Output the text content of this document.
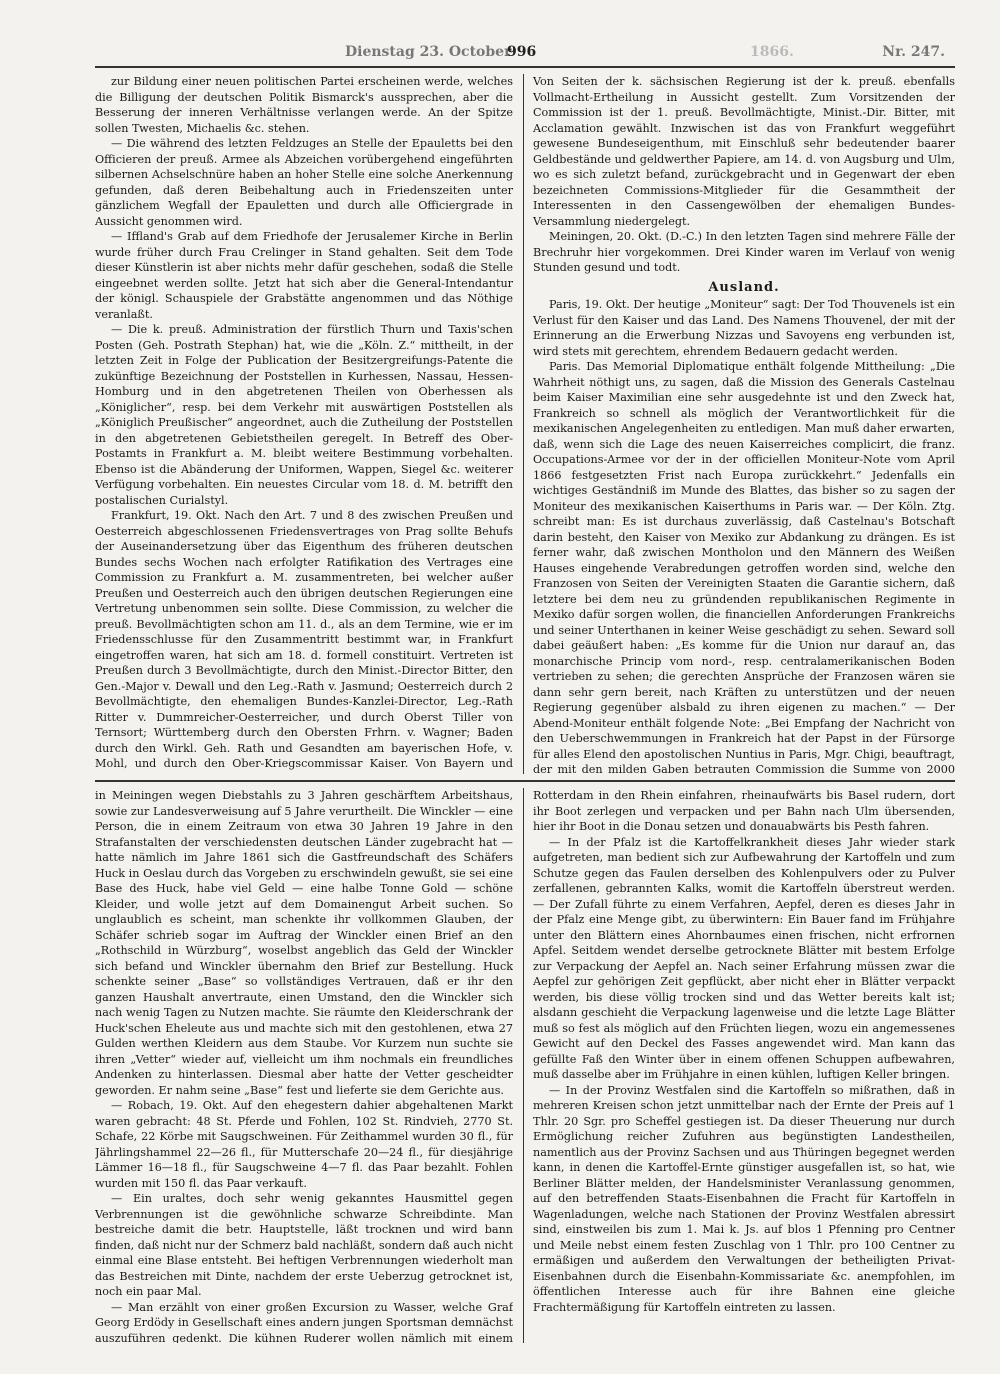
Dienstag 23. October
996	1866.	Nr. 247.

zur Bildung einer neuen politischen Partei erscheinen werde, welches die Billigung der deutschen Politik Bismarck's aussprechen, aber die Besserung der inneren Verhältnisse verlangen werde. An der Spitze sollen Twesten, Michaelis &c. stehen.

— Die während des letzten Feldzuges an Stelle der Epauletts bei den Officieren der preuß. Armee als Abzeichen vorübergehend eingeführten silbernen Achselschnüre haben an hoher Stelle eine solche Anerkennung gefunden, daß deren Beibehaltung auch in Friedenszeiten unter gänzlichem Wegfall der Epauletten und durch alle Officiergrade in Aussicht genommen wird.

— Iffland's Grab auf dem Friedhofe der Jerusalemer Kirche in Berlin wurde früher durch Frau Crelinger in Stand gehalten. Seit dem Tode dieser Künstlerin ist aber nichts mehr dafür geschehen, sodaß die Stelle eingeebnet werden sollte. Jetzt hat sich aber die General-Intendantur der königl. Schauspiele der Grabstätte angenommen und das Nöthige veranlaßt.

— Die k. preuß. Administration der fürstlich Thurn und Taxis'schen Posten (Geh. Postrath Stephan) hat, wie die „Köln. Z.“ mittheilt, in der letzten Zeit in Folge der Publication der Besitzergreifungs-Patente die zukünftige Bezeichnung der Poststellen in Kurhessen, Nassau, Hessen-Homburg und in den abgetretenen Theilen von Oberhessen als „Königlicher“, resp. bei dem Verkehr mit auswärtigen Poststellen als „Königlich Preußischer“ angeordnet, auch die Zutheilung der Poststellen in den abgetretenen Gebietstheilen geregelt. In Betreff des Ober-Postamts in Frankfurt a. M. bleibt weitere Bestimmung vorbehalten. Ebenso ist die Abänderung der Uniformen, Wappen, Siegel &c. weiterer Verfügung vorbehalten. Ein neuestes Circular vom 18. d. M. betrifft den postalischen Curialstyl.

Frankfurt, 19. Okt. Nach den Art. 7 und 8 des zwischen Preußen und Oesterreich abgeschlossenen Friedensvertrages von Prag sollte Behufs der Auseinandersetzung über das Eigenthum des früheren deutschen Bundes sechs Wochen nach erfolgter Ratifikation des Vertrages eine Commission zu Frankfurt a. M. zusammentreten, bei welcher außer Preußen und Oesterreich auch den übrigen deutschen Regierungen eine Vertretung unbenommen sein sollte. Diese Commission, zu welcher die preuß. Bevollmächtigten schon am 11. d., als an dem Termine, wie er im Friedensschlusse für den Zusammentritt bestimmt war, in Frankfurt eingetroffen waren, hat sich am 18. d. formell constituirt. Vertreten ist Preußen durch 3 Bevollmächtigte, durch den Minist.-Director Bitter, den Gen.-Major v. Dewall und den Leg.-Rath v. Jasmund; Oesterreich durch 2 Bevollmächtigte, den ehemaligen Bundes-Kanzlei-Director, Leg.-Rath Ritter v. Dummreicher-Oesterreicher, und durch Oberst Tiller von Ternsort; Württemberg durch den Obersten Frhrn. v. Wagner; Baden durch den Wirkl. Geh. Rath und Gesandten am bayerischen Hofe, v. Mohl, und durch den Ober-Kriegscommissar Kaiser. Von Bayern und

Von Seiten der k. sächsischen Regierung ist der k. preuß. ebenfalls Vollmacht-Ertheilung in Aussicht gestellt. Zum Vorsitzenden der Commission ist der 1. preuß. Bevollmächtigte, Minist.-Dir. Bitter, mit Acclamation gewählt. Inzwischen ist das von Frankfurt weggeführt gewesene Bundeseigenthum, mit Einschluß sehr bedeutender baarer Geldbestände und geldwerther Papiere, am 14. d. von Augsburg und Ulm, wo es sich zuletzt befand, zurückgebracht und in Gegenwart der eben bezeichneten Commissions-Mitglieder für die Gesammtheit der Interessenten in den Cassengewölben der ehemaligen Bundes-Versammlung niedergelegt.

Meiningen, 20. Okt. (D.-C.) In den letzten Tagen sind mehrere Fälle der Brechruhr hier vorgekommen. Drei Kinder waren im Verlauf von wenig Stunden gesund und todt.

Ausland.

Paris, 19. Okt. Der heutige „Moniteur“ sagt: Der Tod Thouvenels ist ein Verlust für den Kaiser und das Land. Des Namens Thouvenel, der mit der Erinnerung an die Erwerbung Nizzas und Savoyens eng verbunden ist, wird stets mit gerechtem, ehrendem Bedauern gedacht werden.

Paris. Das Memorial Diplomatique enthält folgende Mittheilung: „Die Wahrheit nöthigt uns, zu sagen, daß die Mission des Generals Castelnau beim Kaiser Maximilian eine sehr ausgedehnte ist und den Zweck hat, Frankreich so schnell als möglich der Verantwortlichkeit für die mexikanischen Angelegenheiten zu entledigen. Man muß daher erwarten, daß, wenn sich die Lage des neuen Kaiserreiches complicirt, die franz. Occupations-Armee vor der in der officiellen Moniteur-Note vom April 1866 festgesetzten Frist nach Europa zurückkehrt.“ Jedenfalls ein wichtiges Geständniß im Munde des Blattes, das bisher so zu sagen der Moniteur des mexikanischen Kaiserthums in Paris war. — Der Köln. Ztg. schreibt man: Es ist durchaus zuverlässig, daß Castelnau's Botschaft darin besteht, den Kaiser von Mexiko zur Abdankung zu drängen. Es ist ferner wahr, daß zwischen Montholon und den Männern des Weißen Hauses eingehende Verabredungen getroffen worden sind, welche den Franzosen von Seiten der Vereinigten Staaten die Garantie sichern, daß letztere bei dem neu zu gründenden republikanischen Regimente in Mexiko dafür sorgen wollen, die financiellen Anforderungen Frankreichs und seiner Unterthanen in keiner Weise geschädigt zu sehen. Seward soll dabei geäußert haben: „Es komme für die Union nur darauf an, das monarchische Princip vom nord-, resp. centralamerikanischen Boden vertrieben zu sehen; die gerechten Ansprüche der Franzosen wären sie dann sehr gern bereit, nach Kräften zu unterstützen und der neuen Regierung gegenüber alsbald zu ihren eigenen zu machen.“ — Der Abend-Moniteur enthält folgende Note: „Bei Empfang der Nachricht von den Ueberschwemmungen in Frankreich hat der Papst in der Fürsorge für alles Elend den apostolischen Nuntius in Paris, Mgr. Chigi, beauftragt, der mit den milden Gaben betrauten Commission die Summe von 2000

in Meiningen wegen Diebstahls zu 3 Jahren geschärftem Arbeitshaus, sowie zur Landesverweisung auf 5 Jahre verurtheilt. Die Winckler — eine Person, die in einem Zeitraum von etwa 30 Jahren 19 Jahre in den Strafanstalten der verschiedensten deutschen Länder zugebracht hat — hatte nämlich im Jahre 1861 sich die Gastfreundschaft des Schäfers Huck in Oeslau durch das Vorgeben zu erschwindeln gewußt, sie sei eine Base des Huck, habe viel Geld — eine halbe Tonne Gold — schöne Kleider, und wolle jetzt auf dem Domainengut Arbeit suchen. So unglaublich es scheint, man schenkte ihr vollkommen Glauben, der Schäfer schrieb sogar im Auftrag der Winckler einen Brief an den „Rothschild in Würzburg“, woselbst angeblich das Geld der Winckler sich befand und Winckler übernahm den Brief zur Bestellung. Huck schenkte seiner „Base“ so vollständiges Vertrauen, daß er ihr den ganzen Haushalt anvertraute, einen Umstand, den die Winckler sich nach wenig Tagen zu Nutzen machte. Sie räumte den Kleiderschrank der Huck'schen Eheleute aus und machte sich mit den gestohlenen, etwa 27 Gulden werthen Kleidern aus dem Staube. Vor Kurzem nun suchte sie ihren „Vetter“ wieder auf, vielleicht um ihm nochmals ein freundliches Andenken zu hinterlassen. Diesmal aber hatte der Vetter gescheidter geworden. Er nahm seine „Base“ fest und lieferte sie dem Gerichte aus.

— Robach, 19. Okt. Auf den ehegestern dahier abgehaltenen Markt waren gebracht: 48 St. Pferde und Fohlen, 102 St. Rindvieh, 2770 St. Schafe, 22 Körbe mit Saugschweinen. Für Zeithammel wurden 30 fl., für Jährlingshammel 22—26 fl., für Mutterschafe 20—24 fl., für diesjährige Lämmer 16—18 fl., für Saugschweine 4—7 fl. das Paar bezahlt. Fohlen wurden mit 150 fl. das Paar verkauft.

— Ein uraltes, doch sehr wenig gekanntes Hausmittel gegen Verbrennungen ist die gewöhnliche schwarze Schreibdinte. Man bestreiche damit die betr. Hauptstelle, läßt trocknen und wird bann finden, daß nicht nur der Schmerz bald nachläßt, sondern daß auch nicht einmal eine Blase entsteht. Bei heftigen Verbrennungen wiederholt man das Bestreichen mit Dinte, nachdem der erste Ueberzug getrocknet ist, noch ein paar Mal.

— Man erzählt von einer großen Excursion zu Wasser, welche Graf Georg Erdödy in Gesellschaft eines andern jungen Sportsman demnächst auszuführen gedenkt. Die kühnen Ruderer wollen nämlich mit einem

Rotterdam in den Rhein einfahren, rheinaufwärts bis Basel rudern, dort ihr Boot zerlegen und verpacken und per Bahn nach Ulm übersenden, hier ihr Boot in die Donau setzen und donauabwärts bis Pesth fahren.

— In der Pfalz ist die Kartoffelkrankheit dieses Jahr wieder stark aufgetreten, man bedient sich zur Aufbewahrung der Kartoffeln und zum Schutze gegen das Faulen derselben des Kohlenpulvers oder zu Pulver zerfallenen, gebrannten Kalks, womit die Kartoffeln überstreut werden. — Der Zufall führte zu einem Verfahren, Aepfel, deren es dieses Jahr in der Pfalz eine Menge gibt, zu überwintern: Ein Bauer fand im Frühjahre unter den Blättern eines Ahornbaumes einen frischen, nicht erfrornen Apfel. Seitdem wendet derselbe getrocknete Blätter mit bestem Erfolge zur Verpackung der Aepfel an. Nach seiner Erfahrung müssen zwar die Aepfel zur gehörigen Zeit gepflückt, aber nicht eher in Blätter verpackt werden, bis diese völlig trocken sind und das Wetter bereits kalt ist; alsdann geschieht die Verpackung lagenweise und die letzte Lage Blätter muß so fest als möglich auf den Früchten liegen, wozu ein angemessenes Gewicht auf den Deckel des Fasses angewendet wird. Man kann das gefüllte Faß den Winter über in einem offenen Schuppen aufbewahren, muß dasselbe aber im Frühjahre in einen kühlen, luftigen Keller bringen.

— In der Provinz Westfalen sind die Kartoffeln so mißrathen, daß in mehreren Kreisen schon jetzt unmittelbar nach der Ernte der Preis auf 1 Thlr. 20 Sgr. pro Scheffel gestiegen ist. Da dieser Theuerung nur durch Ermöglichung reicher Zufuhren aus begünstigten Landestheilen, namentlich aus der Provinz Sachsen und aus Thüringen begegnet werden kann, in denen die Kartoffel-Ernte günstiger ausgefallen ist, so hat, wie Berliner Blätter melden, der Handelsminister Veranlassung genommen, auf den betreffenden Staats-Eisenbahnen die Fracht für Kartoffeln in Wagenladungen, welche nach Stationen der Provinz Westfalen abressirt sind, einstweilen bis zum 1. Mai k. Js. auf blos 1 Pfenning pro Centner und Meile nebst einem festen Zuschlag von 1 Thlr. pro 100 Centner zu ermäßigen und außerdem den Verwaltungen der betheiligten Privat-Eisenbahnen durch die Eisenbahn-Kommissariate &c. anempfohlen, im öffentlichen Interesse auch für ihre Bahnen eine gleiche Frachtermäßigung für Kartoffeln eintreten zu lassen.
